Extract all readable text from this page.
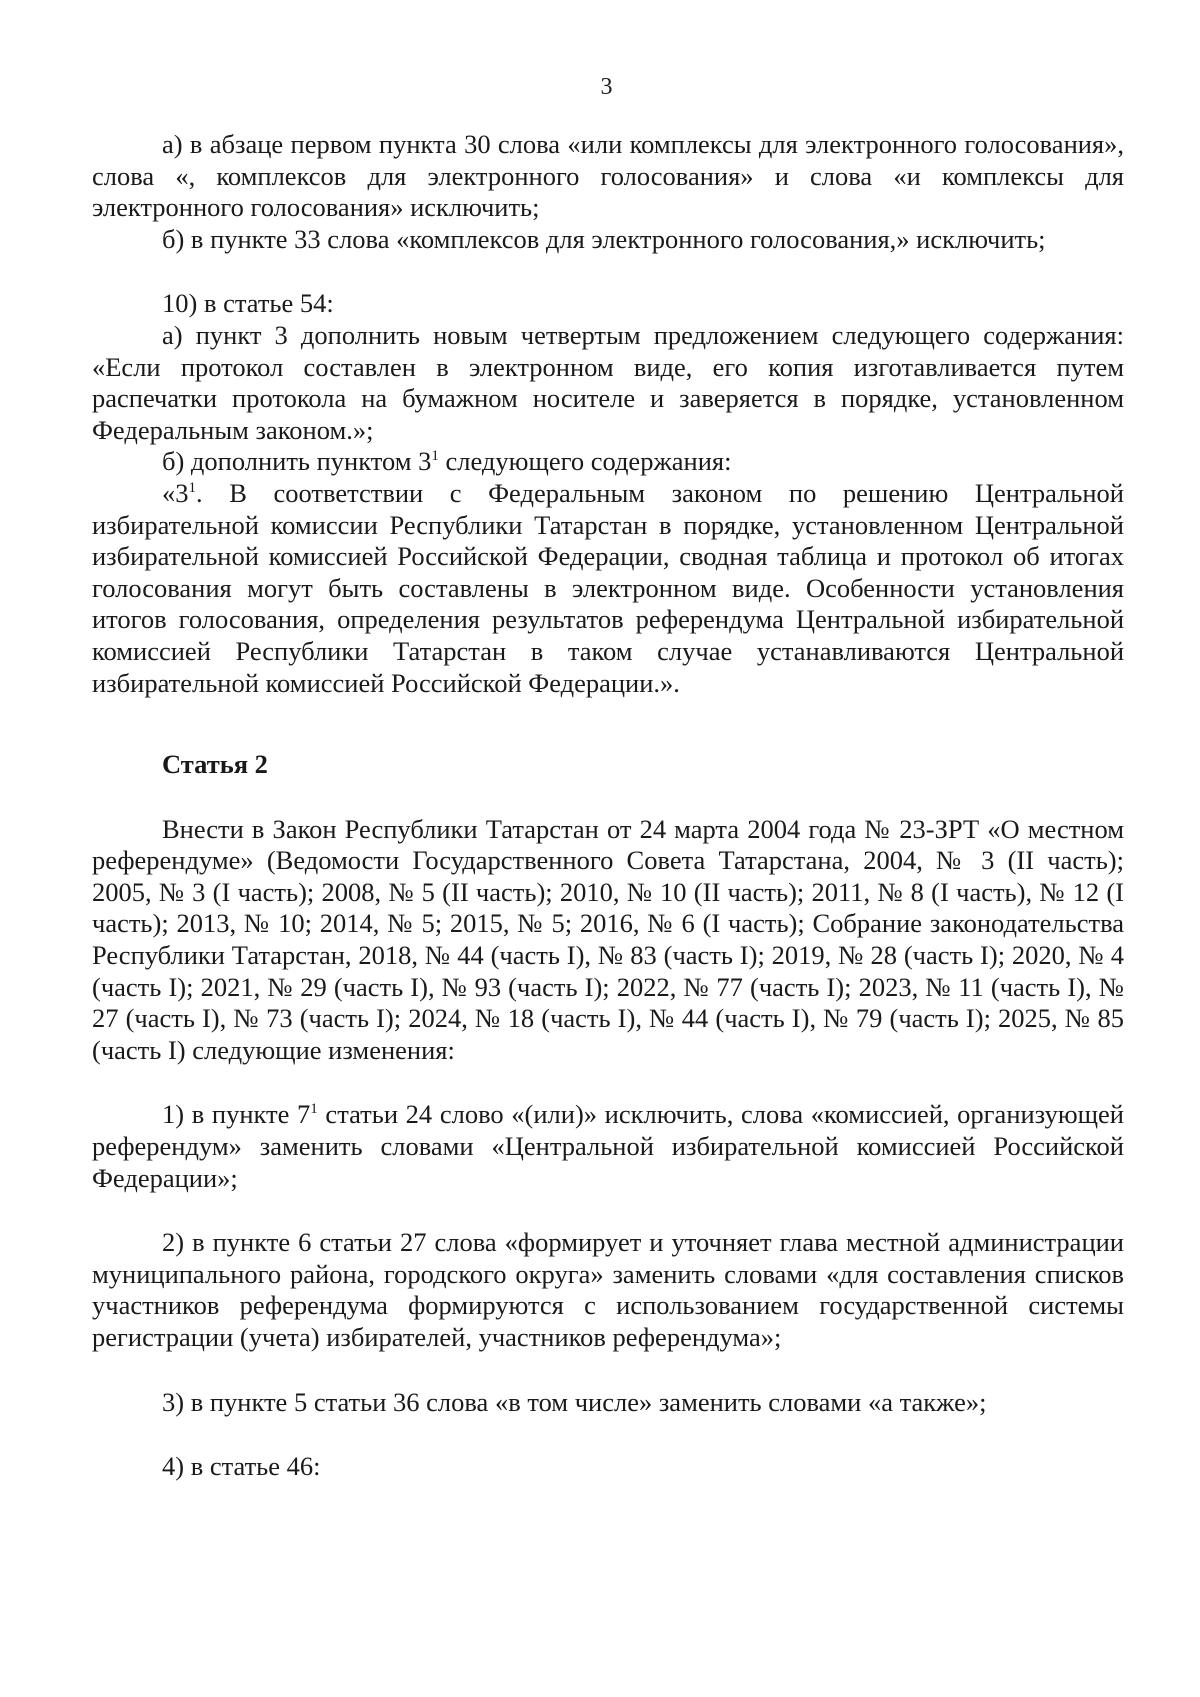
3

а) в абзаце первом пункта 30 слова «или комплексы для электронного голосования», слова «, комплексов для электронного голосования» и слова «и комплексы для электронного голосования» исключить;

б) в пункте 33 слова «комплексов для электронного голосования,» исключить;

10) в статье 54:

а) пункт 3 дополнить новым четвертым предложением следующего содержания: «Если протокол составлен в электронном виде, его копия изготавливается путем распечатки протокола на бумажном носителе и заверяется в порядке, установленном Федеральным законом.»;

б) дополнить пунктом $3^1$ следующего содержания:

«$3^1$. В соответствии с Федеральным законом по решению Центральной избирательной комиссии Республики Татарстан в порядке, установленном Центральной избирательной комиссией Российской Федерации, сводная таблица и протокол об итогах голосования могут быть составлены в электронном виде. Особенности установления итогов голосования, определения результатов референдума Центральной избирательной комиссией Республики Татарстан в таком случае устанавливаются Центральной избирательной комиссией Российской Федерации.».

Статья 2

Внести в Закон Республики Татарстан от 24 марта 2004 года № 23-ЗРТ «О местном референдуме» (Ведомости Государственного Совета Татарстана, 2004, № 3 (II часть); 2005, № 3 (I часть); 2008, № 5 (II часть); 2010, № 10 (II часть); 2011, № 8 (I часть), № 12 (I часть); 2013, № 10; 2014, № 5; 2015, № 5; 2016, № 6 (I часть); Собрание законодательства Республики Татарстан, 2018, № 44 (часть I), № 83 (часть I); 2019, № 28 (часть I); 2020, № 4 (часть I); 2021, № 29 (часть I), № 93 (часть I); 2022, № 77 (часть I); 2023, № 11 (часть I), № 27 (часть I), № 73 (часть I); 2024, № 18 (часть I), № 44 (часть I), № 79 (часть I); 2025, № 85 (часть I) следующие изменения:

1) в пункте $7^1$ статьи 24 слово «(или)» исключить, слова «комиссией, организующей референдум» заменить словами «Центральной избирательной комиссией Российской Федерации»;

2) в пункте 6 статьи 27 слова «формирует и уточняет глава местной администрации муниципального района, городского округа» заменить словами «для составления списков участников референдума формируются с использованием государственной системы регистрации (учета) избирателей, участников референдума»;

3) в пункте 5 статьи 36 слова «в том числе» заменить словами «а также»;

4) в статье 46:
